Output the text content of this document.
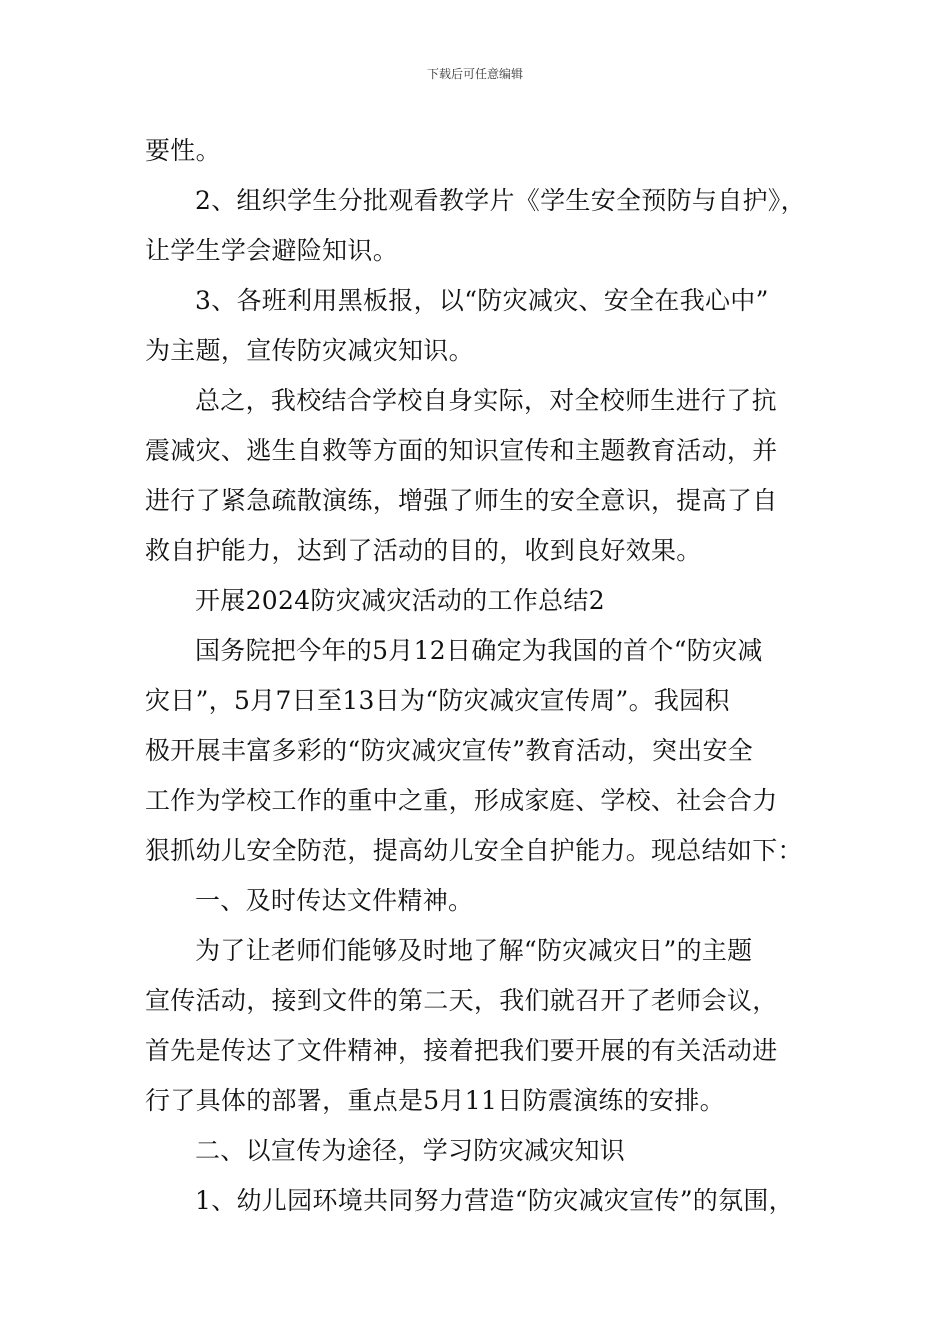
下载后可任意编辑
要性。
2、组织学生分批观看教学片《学生安全预防与自护》，
让学生学会避险知识。
3、各班利用黑板报，以“防灾减灾、安全在我心中”
为主题，宣传防灾减灾知识。
总之，我校结合学校自身实际，对全校师生进行了抗
震减灾、逃生自救等方面的知识宣传和主题教育活动，并
进行了紧急疏散演练，增强了师生的安全意识，提高了自
救自护能力，达到了活动的目的，收到良好效果。
开展2024防灾减灾活动的工作总结2
国务院把今年的5月12日确定为我国的首个“防灾减
灾日”，5月7日至13日为“防灾减灾宣传周”。我园积
极开展丰富多彩的“防灾减灾宣传”教育活动，突出安全
工作为学校工作的重中之重，形成家庭、学校、社会合力
狠抓幼儿安全防范，提高幼儿安全自护能力。现总结如下：
一、及时传达文件精神。
为了让老师们能够及时地了解“防灾减灾日”的主题
宣传活动，接到文件的第二天，我们就召开了老师会议，
首先是传达了文件精神，接着把我们要开展的有关活动进
行了具体的部署，重点是5月11日防震演练的安排。
二、以宣传为途径，学习防灾减灾知识
1、幼儿园环境共同努力营造“防灾减灾宣传”的氛围，
